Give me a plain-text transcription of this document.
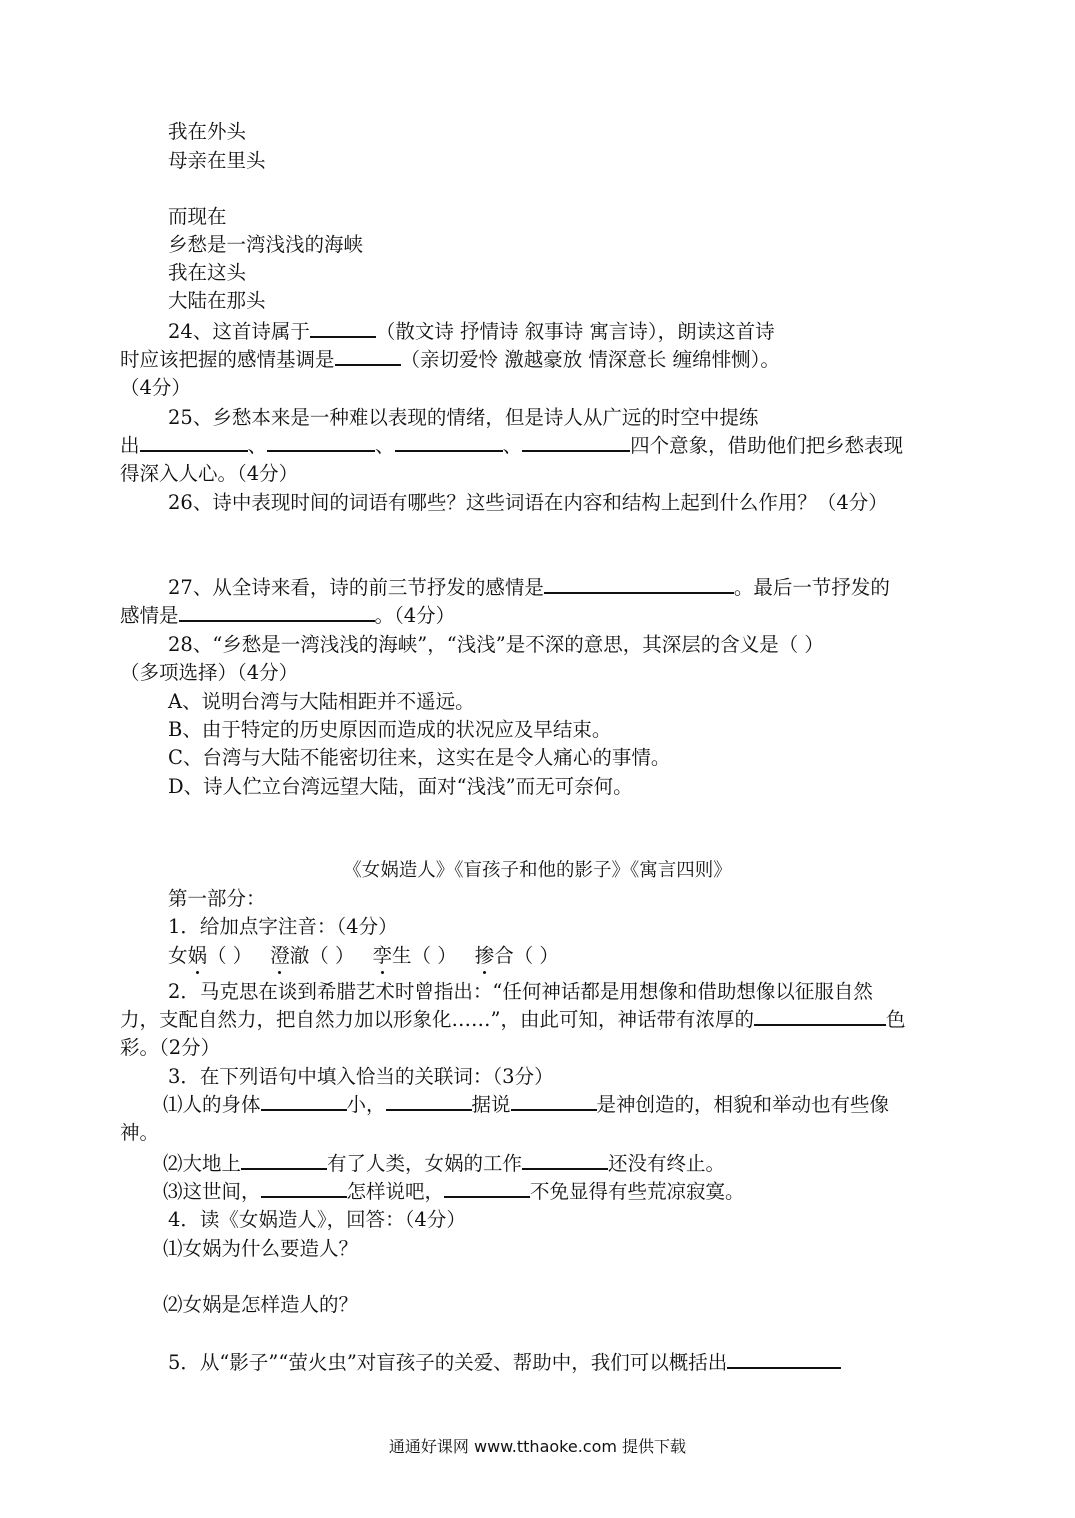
我在外头
母亲在里头
而现在
乡愁是一湾浅浅的海峡
我在这头
大陆在那头
24、这首诗属于	（散文诗 抒情诗 叙事诗 寓言诗），朗读这首诗
时应该把握的感情基调是	（亲切爱怜 激越豪放 情深意长 缠绵悱恻）。
（4分）
25、乡愁本来是一种难以表现的情绪，但是诗人从广远的时空中提练
出	、	、	、	四个意象，借助他们把乡愁表现
得深入人心。（4分）
26、诗中表现时间的词语有哪些？这些词语在内容和结构上起到什么作用？（4分）
27、从全诗来看，诗的前三节抒发的感情是	。最后一节抒发的
感情是	。（4分）
28、“乡愁是一湾浅浅的海峡”，“浅浅”是不深的意思，其深层的含义是（ ）
（多项选择）（4分）
A、说明台湾与大陆相距并不遥远。
B、由于特定的历史原因而造成的状况应及早结束。
C、台湾与大陆不能密切往来，这实在是令人痛心的事情。
D、诗人伫立台湾远望大陆，面对“浅浅”而无可奈何。
《女娲造人》《盲孩子和他的影子》《寓言四则》
第一部分：
1．给加点字注音：（4分）
女娲（ ） 澄澈（ ） 孪生（ ） 掺合（ ）
2．马克思在谈到希腊艺术时曾指出：“任何神话都是用想像和借助想像以征服自然
力，支配自然力，把自然力加以形象化……”，由此可知，神话带有浓厚的	色
彩。（2分）
3．在下列语句中填入恰当的关联词：（3分）
⑴人的身体	小，	据说	是神创造的，相貌和举动也有些像
神。
⑵大地上	有了人类，女娲的工作	还没有终止。
⑶这世间，	怎样说吧，	不免显得有些荒凉寂寞。
4．读《女娲造人》，回答：（4分）
⑴女娲为什么要造人？
⑵女娲是怎样造人的？
5．从“影子”“萤火虫”对盲孩子的关爱、帮助中，我们可以概括出
通通好课网 www.tthaoke.com 提供下载
